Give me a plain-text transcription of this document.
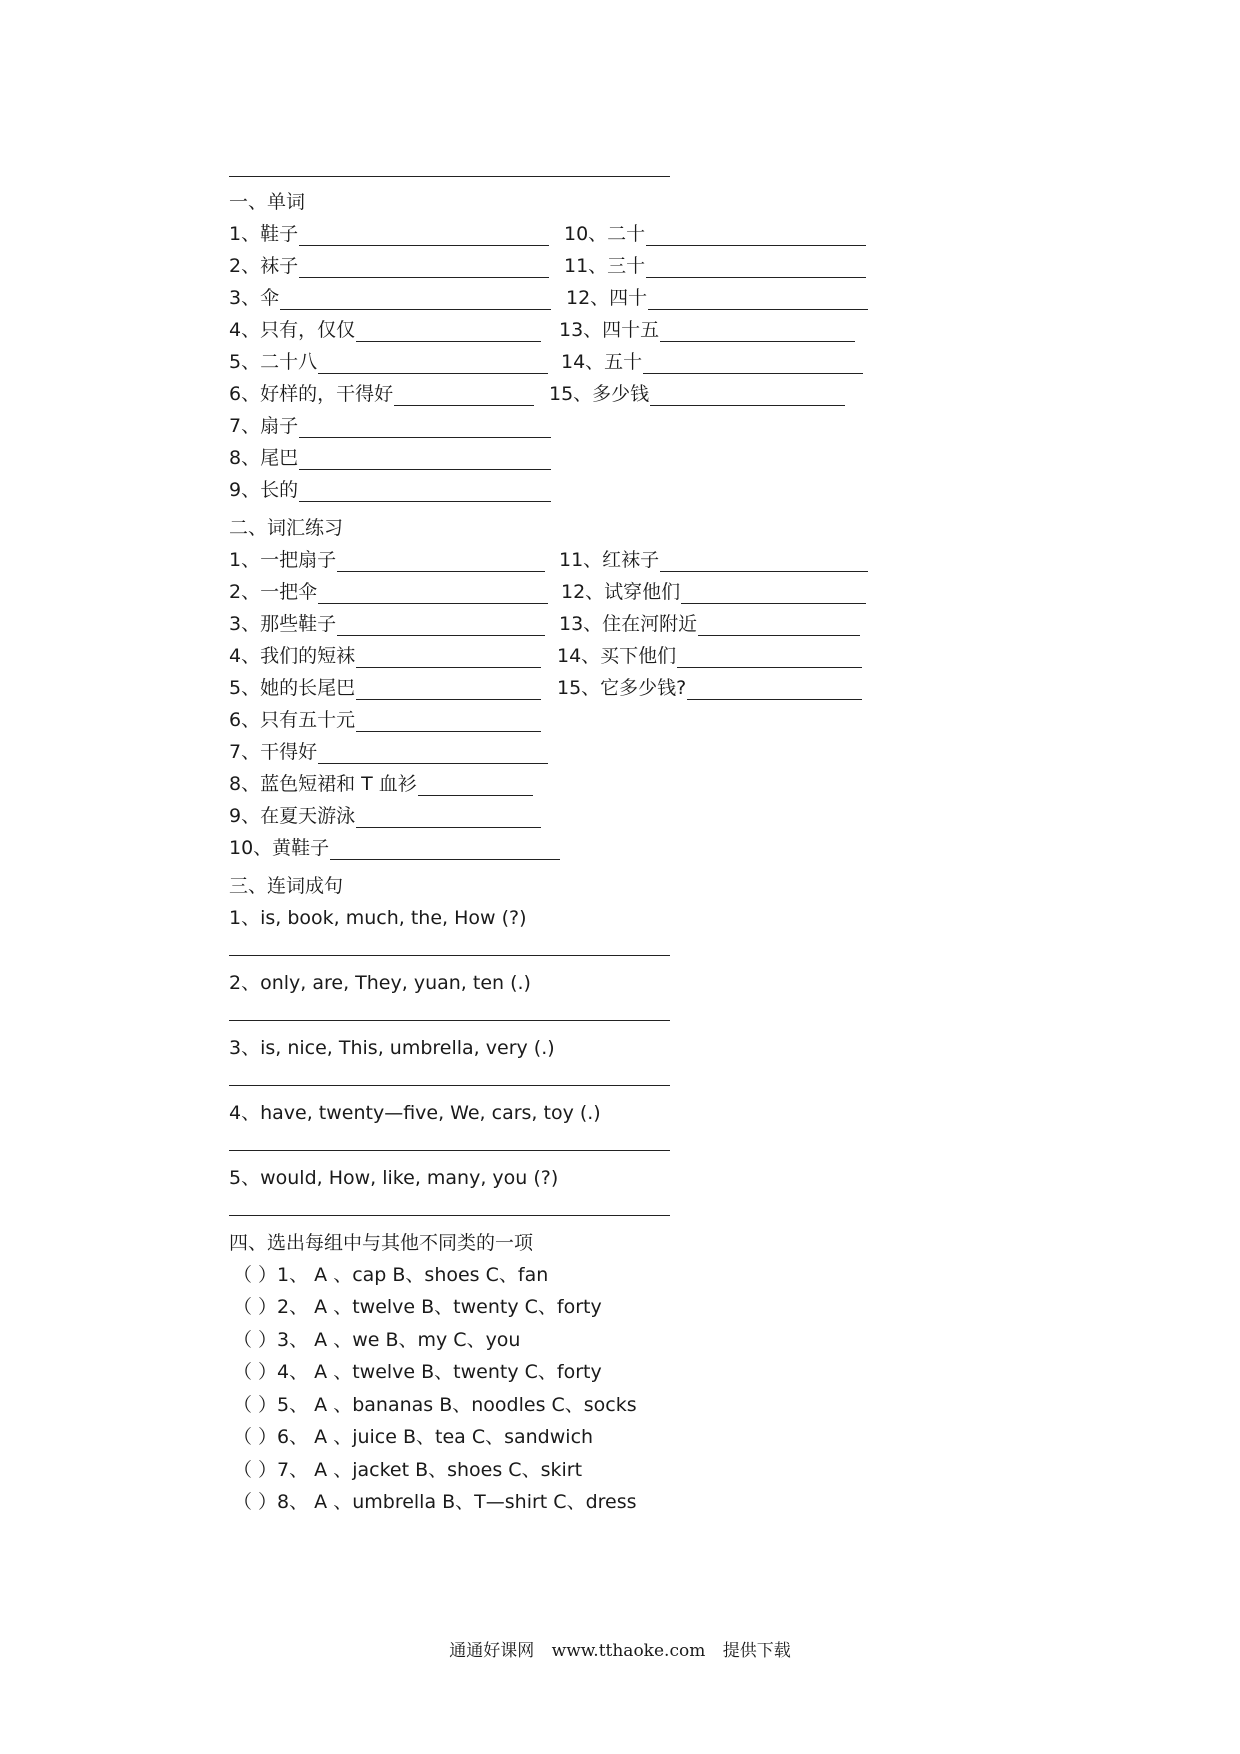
一、单词
1、鞋子	10、二十
2、袜子	11、三十
3、伞	12、四十
4、只有，仅仅	13、四十五
5、二十八	14、五十
6、好样的，干得好	15、多少钱
7、扇子
8、尾巴
9、长的
二、词汇练习
1、一把扇子	11、红袜子
2、一把伞	12、试穿他们
3、那些鞋子	13、住在河附近
4、我们的短袜	14、买下他们
5、她的长尾巴	15、它多少钱?
6、只有五十元
7、干得好
8、蓝色短裙和 T 血衫
9、在夏天游泳
10、黄鞋子
三、连词成句
1、is, book, much, the, How (?)
2、only, are, They, yuan, ten (.)
3、is, nice, This, umbrella, very (.)
4、have, twenty—five, We, cars, toy (.)
5、would, How, like, many, you (?)
四、选出每组中与其他不同类的一项
（ ）1、 A 、cap B、shoes C、fan
（ ）2、 A 、twelve B、twenty C、forty
（ ）3、 A 、we B、my C、you
（ ）4、 A 、twelve B、twenty C、forty
（ ）5、 A 、bananas B、noodles C、socks
（ ）6、 A 、juice B、tea C、sandwich
（ ）7、 A 、jacket B、shoes C、skirt
（ ）8、 A 、umbrella B、T—shirt C、dress
通通好课网 www.tthaoke.com 提供下载
